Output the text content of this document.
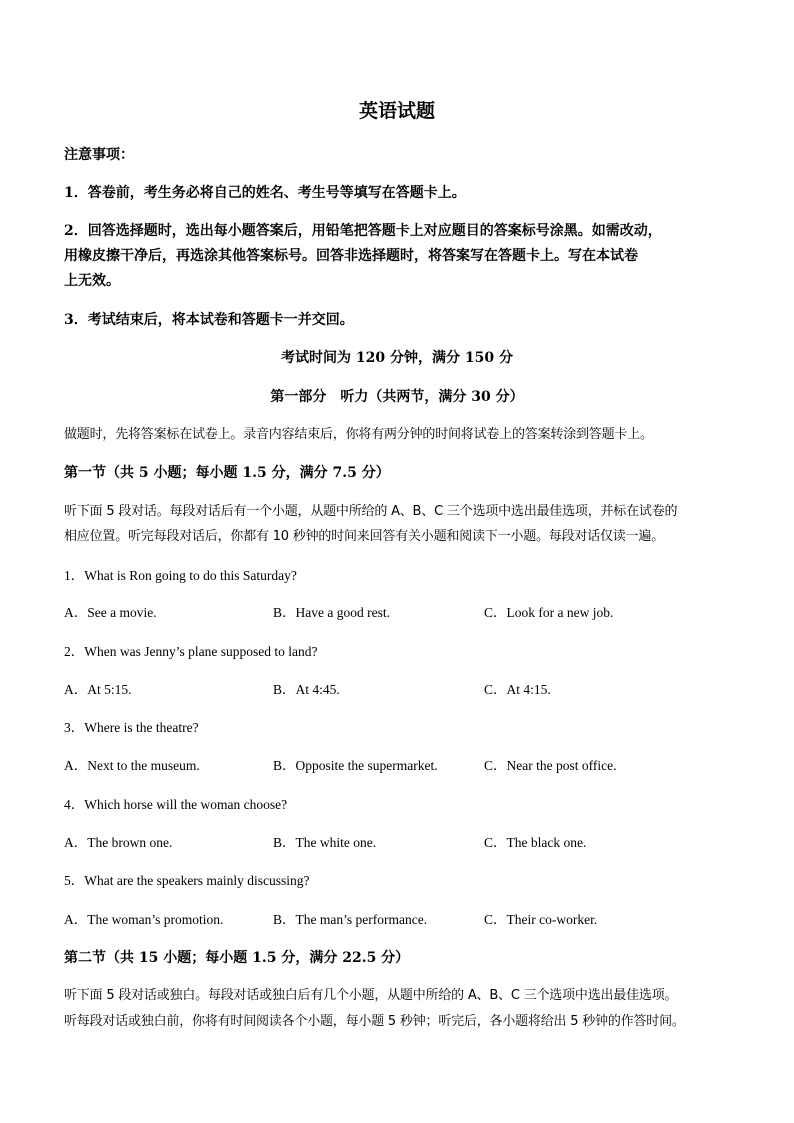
英语试题
注意事项：
1．答卷前，考生务必将自己的姓名、考生号等填写在答题卡上。
2．回答选择题时，选出每小题答案后，用铅笔把答题卡上对应题目的答案标号涂黑。如需改动，
用橡皮擦干净后，再选涂其他答案标号。回答非选择题时，将答案写在答题卡上。写在本试卷
上无效。
3．考试结束后，将本试卷和答题卡一并交回。
考试时间为 120 分钟，满分 150 分
第一部分　听力（共两节，满分 30 分）
做题时，先将答案标在试卷上。录音内容结束后，你将有两分钟的时间将试卷上的答案转涂到答题卡上。
第一节（共 5 小题；每小题 1.5 分，满分 7.5 分）
听下面 5 段对话。每段对话后有一个小题，从题中所给的 A、B、C 三个选项中选出最佳选项，并标在试卷的
相应位置。听完每段对话后，你都有 10 秒钟的时间来回答有关小题和阅读下一小题。每段对话仅读一遍。
1．What is Ron going to do this Saturday?
A．See a movie.	B．Have a good rest.	C．Look for a new job.
2．When was Jenny’s plane supposed to land?
A．At 5:15.	B．At 4:45.	C．At 4:15.
3．Where is the theatre?
A．Next to the museum.	B．Opposite the supermarket.	C．Near the post office.
4．Which horse will the woman choose?
A．The brown one.	B．The white one.	C．The black one.
5．What are the speakers mainly discussing?
A．The woman’s promotion.	B．The man’s performance.	C．Their co-worker.
第二节（共 15 小题；每小题 1.5 分，满分 22.5 分）
听下面 5 段对话或独白。每段对话或独白后有几个小题，从题中所给的 A、B、C 三个选项中选出最佳选项。
听每段对话或独白前，你将有时间阅读各个小题，每小题 5 秒钟；听完后，各小题将给出 5 秒钟的作答时间。
